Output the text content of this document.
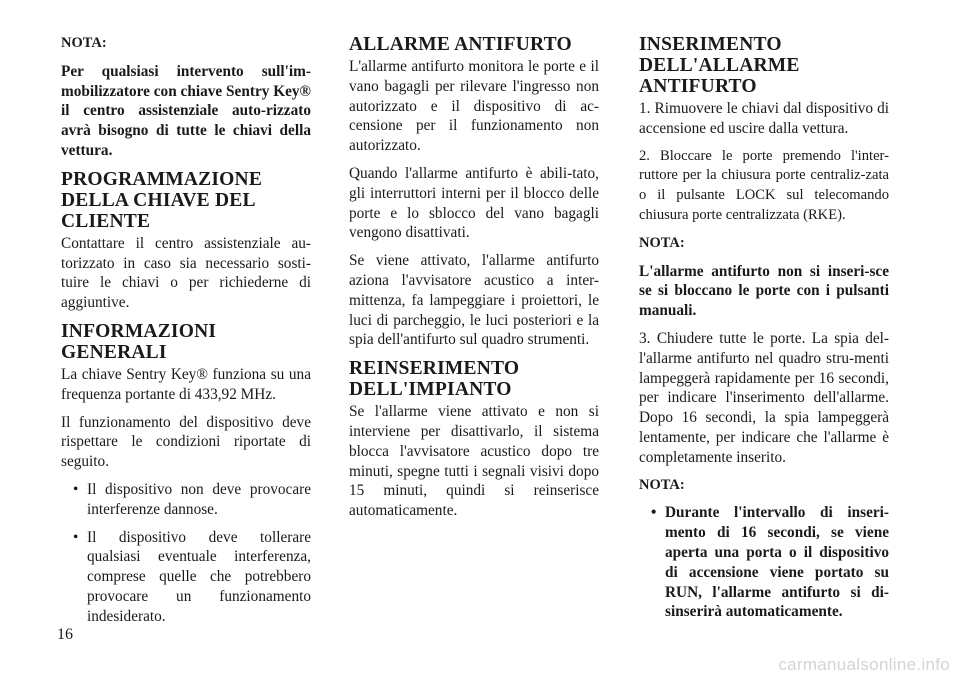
NOTA:

Per qualsiasi intervento sull'im-mobilizzatore con chiave Sentry Key® il centro assistenziale auto-rizzato avrà bisogno di tutte le chiavi della vettura.

PROGRAMMAZIONE DELLA CHIAVE DEL CLIENTE

Contattare il centro assistenziale au-torizzato in caso sia necessario sosti-tuire le chiavi o per richiederne di aggiuntive.

INFORMAZIONI GENERALI

La chiave Sentry Key® funziona su una frequenza portante di 433,92 MHz.

Il funzionamento del dispositivo deve rispettare le condizioni riportate di seguito.

• Il dispositivo non deve provocare interferenze dannose.
• Il dispositivo deve tollerare qualsiasi eventuale interferenza, comprese quelle che potrebbero provocare un funzionamento indesiderato.
ALLARME ANTIFURTO

L'allarme antifurto monitora le porte e il vano bagagli per rilevare l'ingresso non autorizzato e il dispositivo di ac-censione per il funzionamento non autorizzato.

Quando l'allarme antifurto è abili-tato, gli interruttori interni per il blocco delle porte e lo sblocco del vano bagagli vengono disattivati.

Se viene attivato, l'allarme antifurto aziona l'avvisatore acustico a inter-mittenza, fa lampeggiare i proiettori, le luci di parcheggio, le luci posteriori e la spia dell'antifurto sul quadro strumenti.

REINSERIMENTO DELL'IMPIANTO

Se l'allarme viene attivato e non si interviene per disattivarlo, il sistema blocca l'avvisatore acustico dopo tre minuti, spegne tutti i segnali visivi dopo 15 minuti, quindi si reinserisce automaticamente.

INSERIMENTO DELL'ALLARME ANTIFURTO

1. Rimuovere le chiavi dal dispositivo di accensione ed uscire dalla vettura.

2. Bloccare le porte premendo l'inter-ruttore per la chiusura porte centraliz-zata o il pulsante LOCK sul telecomando chiusura porte centralizzata (RKE).

NOTA:

L'allarme antifurto non si inseri-sce se si bloccano le porte con i pulsanti manuali.

3. Chiudere tutte le porte. La spia del-l'allarme antifurto nel quadro stru-menti lampeggerà rapidamente per 16 secondi, per indicare l'inserimento dell'allarme. Dopo 16 secondi, la spia lampeggerà lentamente, per indicare che l'allarme è completamente inserito.

NOTA:

• Durante l'intervallo di inseri-mento di 16 secondi, se viene aperta una porta o il dispositivo di accensione viene portato su RUN, l'allarme antifurto si di-sinserirà automaticamente.
16
carmanualsonline.info
